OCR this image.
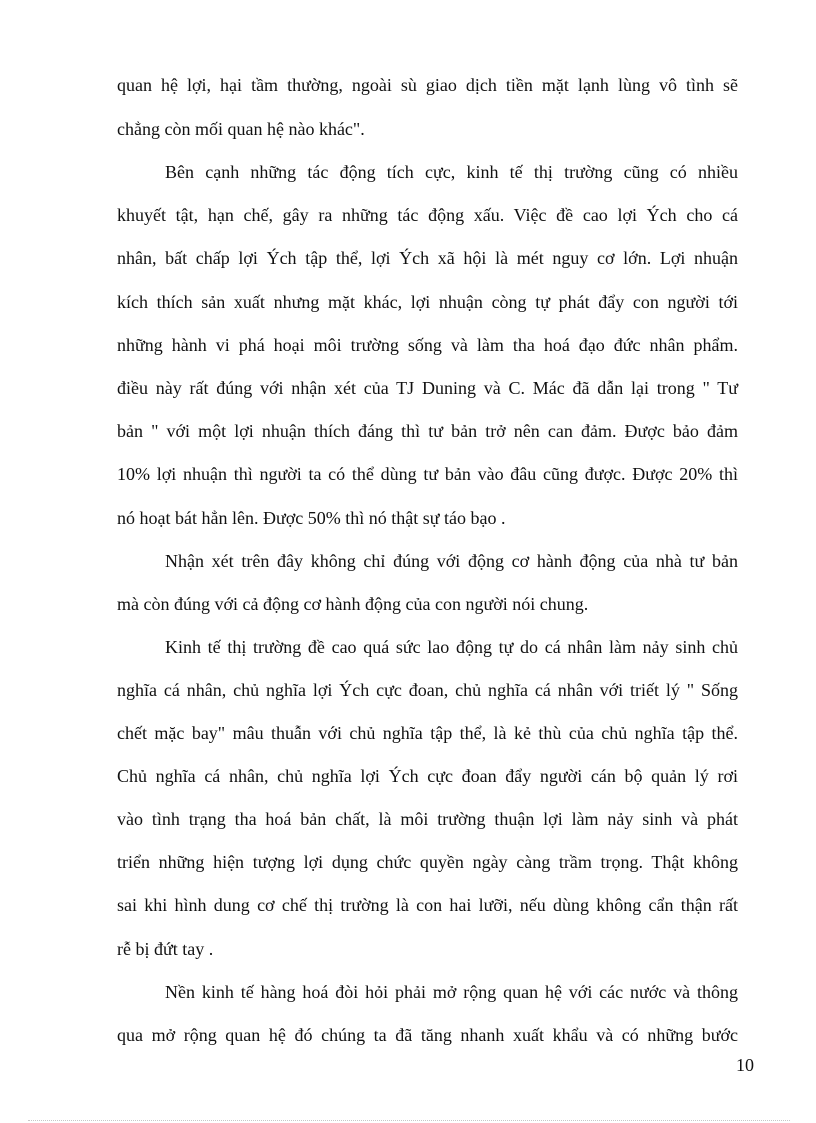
quan hệ lợi, hại tầm thường, ngoài sù giao dịch tiền mặt lạnh lùng vô tình sẽ
chẳng còn mối quan hệ nào khác".
Bên cạnh những tác động tích cực, kinh tế thị trường cũng có nhiều
khuyết tật, hạn chế, gây ra những tác động xấu. Việc đề cao lợi Ých cho cá
nhân, bất chấp lợi Ých tập thể, lợi Ých xã hội là mét nguy cơ lớn. Lợi nhuận
kích thích sản xuất nhưng mặt khác, lợi nhuận còng tự phát đẩy con người tới
những hành vi phá hoại môi trường sống và làm tha hoá đạo đức nhân phẩm.
điều này rất đúng với nhận xét của TJ Duning và C. Mác đã dẫn lại trong " Tư
bản " với một lợi nhuận thích đáng thì tư bản trở nên can đảm. Được bảo đảm
10% lợi nhuận thì người ta có thể dùng tư bản vào đâu cũng được. Được 20% thì
nó hoạt bát hẳn lên. Được 50% thì nó thật sự táo bạo .
Nhận xét trên đây không chỉ đúng với động cơ hành động của nhà tư bản
mà còn đúng với cả động cơ hành động của con người nói chung.
Kinh tế thị trường đề cao quá sức lao động tự do cá nhân làm nảy sinh chủ
nghĩa cá nhân, chủ nghĩa lợi Ých cực đoan, chủ nghĩa cá nhân với triết lý " Sống
chết mặc bay" mâu thuẫn với chủ nghĩa tập thể, là kẻ thù của chủ nghĩa tập thể.
Chủ nghĩa cá nhân, chủ nghĩa lợi Ých cực đoan đẩy người cán bộ quản lý rơi
vào tình trạng tha hoá bản chất, là môi trường thuận lợi làm nảy sinh và phát
triển những hiện tượng lợi dụng chức quyền ngày càng trầm trọng. Thật không
sai khi hình dung cơ chế thị trường là con hai lưỡi, nếu dùng không cẩn thận rất
rễ bị đứt tay .
Nền kinh tế hàng hoá đòi hỏi phải mở rộng quan hệ với các nước và thông
qua mở rộng quan hệ đó chúng ta đã tăng nhanh xuất khẩu và có những bước
10
